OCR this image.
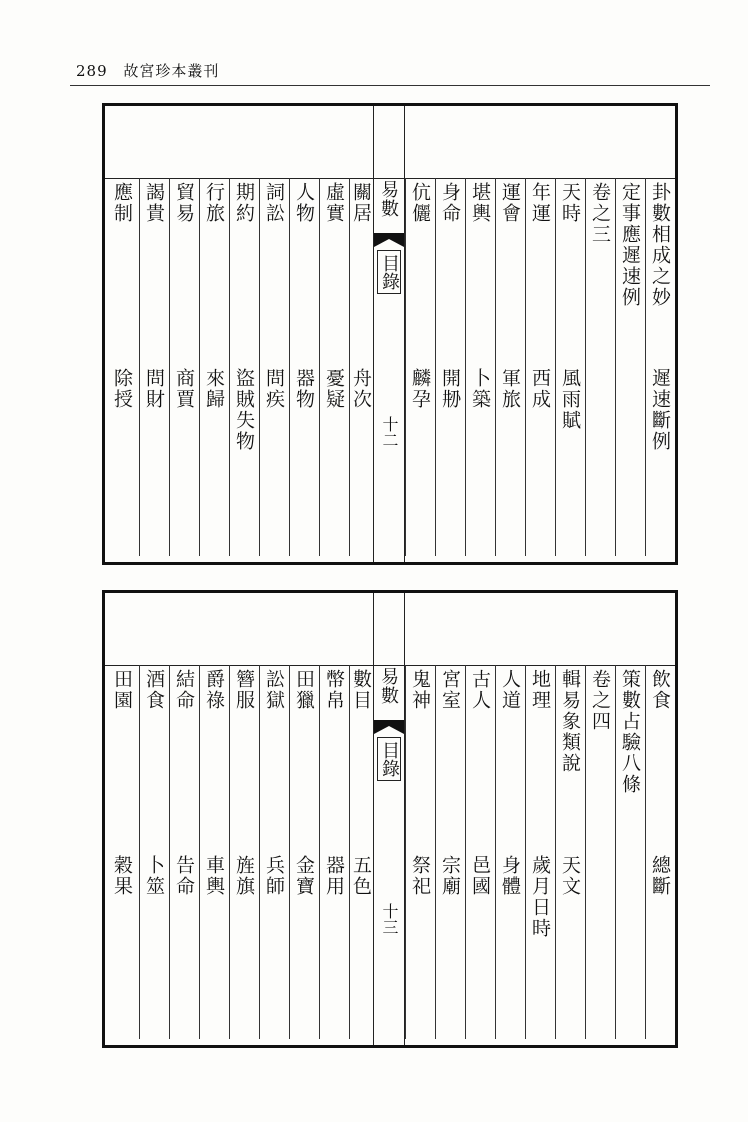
289 故宮珍本叢刊
應制
除授
謁貴
問財
貿易
商賈
行旅
來歸
期約
盜賊失物
詞訟
問疾
人物
器物
虛實
憂疑
關居
舟次
伉儷
麟孕
身命
開刱
堪輿
卜築
運會
軍旅
年運
西成
天時
風雨賦
卷之三 定事應遲速例 卦數相成之妙
遲速斷例
易數
目錄
十二
田園
穀果
酒食
卜筮
結命
告命
爵祿
車輿
簪服
旌旗
訟獄
兵師
田獵
金寶
幣帛
器用
數目
五色
鬼神
祭祀
宮室
宗廟
古人
邑國
人道
身體
地理
歲月日時
輯易象類說
天文
卷之四 策數占驗八條 飲食
總斷
易數
目錄
十三
